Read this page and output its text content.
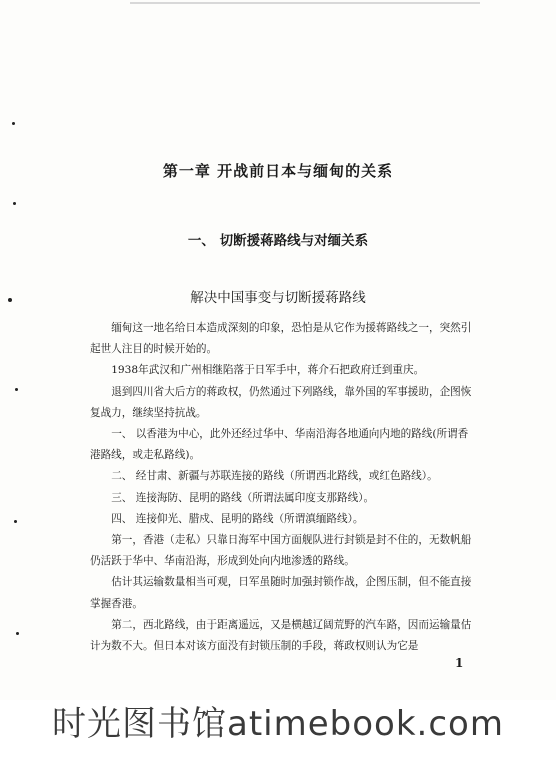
第一章 开战前日本与缅甸的关系
一、 切断援蒋路线与对缅关系
解决中国事变与切断援蒋路线

缅甸这一地名给日本造成深刻的印象，恐怕是从它作为援蒋路线之一，突然引起世人注目的时候开始的。

1938年武汉和广州相继陷落于日军手中，蒋介石把政府迁到重庆。

退到四川省大后方的蒋政权，仍然通过下列路线，靠外国的军事援助，企图恢复战力，继续坚持抗战。

一、 以香港为中心，此外还经过华中、华南沿海各地通向内地的路线(所谓香港路线，或走私路线)。

二、 经甘肃、新疆与苏联连接的路线（所谓西北路线，或红色路线）。

三、 连接海防、昆明的路线（所谓法属印度支那路线）。

四、 连接仰光、腊戍、昆明的路线（所谓滇缅路线）。

第一，香港（走私）只靠日海军中国方面舰队进行封锁是封不住的，无数帆船仍活跃于华中、华南沿海，形成到处向内地渗透的路线。

估计其运输数量相当可观，日军虽随时加强封锁作战，企图压制，但不能直接掌握香港。

第二，西北路线，由于距离遥远，又是横越辽阔荒野的汽车路，因而运输量估计为数不大。但日本对该方面没有封锁压制的手段，蒋政权则认为它是

1
时光图书馆atimebook.com
